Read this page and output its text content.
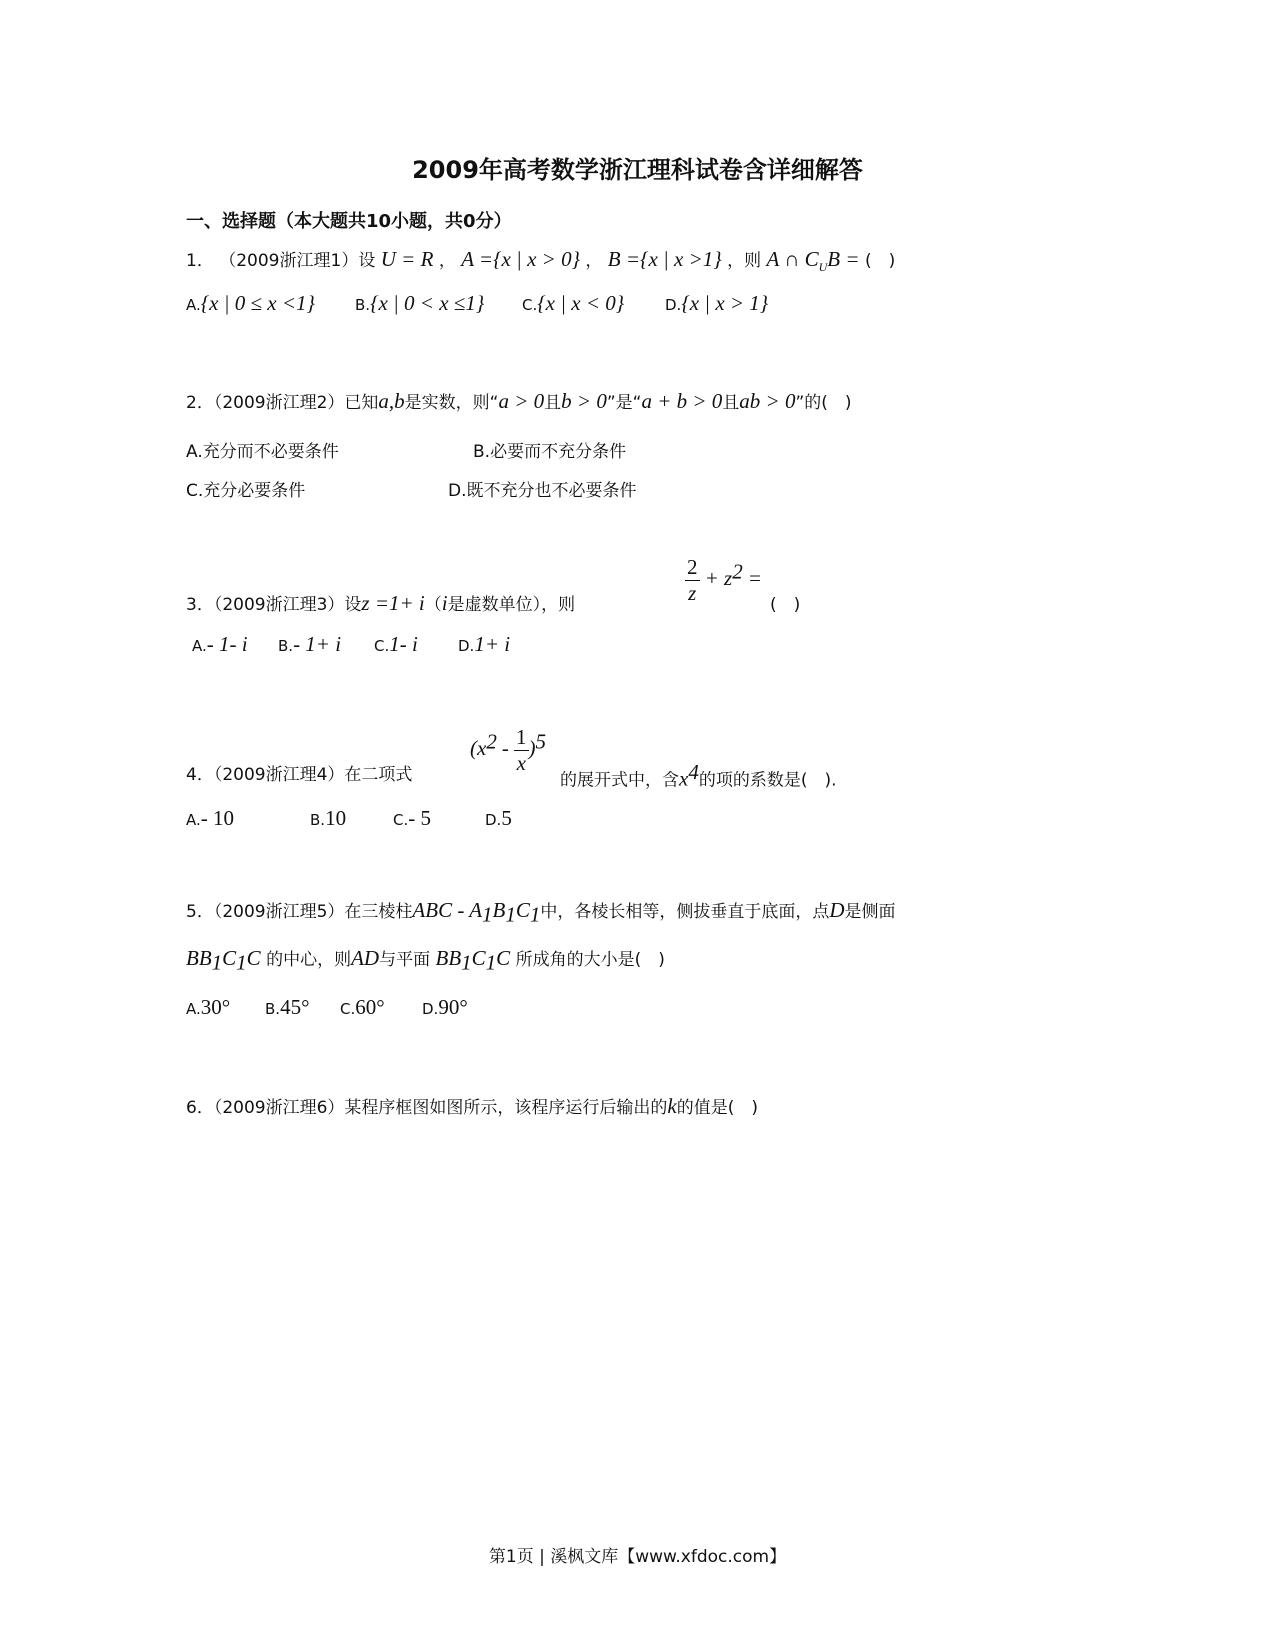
2009年高考数学浙江理科试卷含详细解答
一、选择题（本大题共10小题，共0分）
1． （2009浙江理1）设 U = R ， A ={x | x > 0} ， B ={x | x >1} ，则 A ∩ $C_UB$ = (　)
A.{x | 0 ≤ x <1}	B.{x | 0 < x ≤1}	C.{x | x < 0}	D.{x | x > 1}
2．（2009浙江理2）已知a,b是实数，则“a > 0且b > 0”是“a + b > 0且ab > 0”的(　)
A.充分而不必要条件	B.必要而不充分条件
C.充分必要条件	D.既不充分也不必要条件
3．（2009浙江理3）设z =1+ i（i是虚数单位），则
$\frac{2}{z} + z^2$ =
(　)
A.- 1- i B.- 1+ i C.1- i	D.1+ i
4．（2009浙江理4）在二项式
$(x^2 - \frac{1}{x} )^5$
的展开式中，含$x^4$的项的系数是(　).
A.- 10	B.10	C.- 5	D.5
5．（2009浙江理5）在三棱柱ABC - $A_1B_1C_1$中，各棱长相等，侧拔垂直于底面，点D是侧面
$BB_1C_1C$ 的中心，则AD与平面 $BB_1C_1C$ 所成角的大小是(　)
A.30° B.45° C.60° D.90°
6．（2009浙江理6）某程序框图如图所示，该程序运行后输出的k的值是(　)
第1页 | 溪枫文库【www.xfdoc.com】
